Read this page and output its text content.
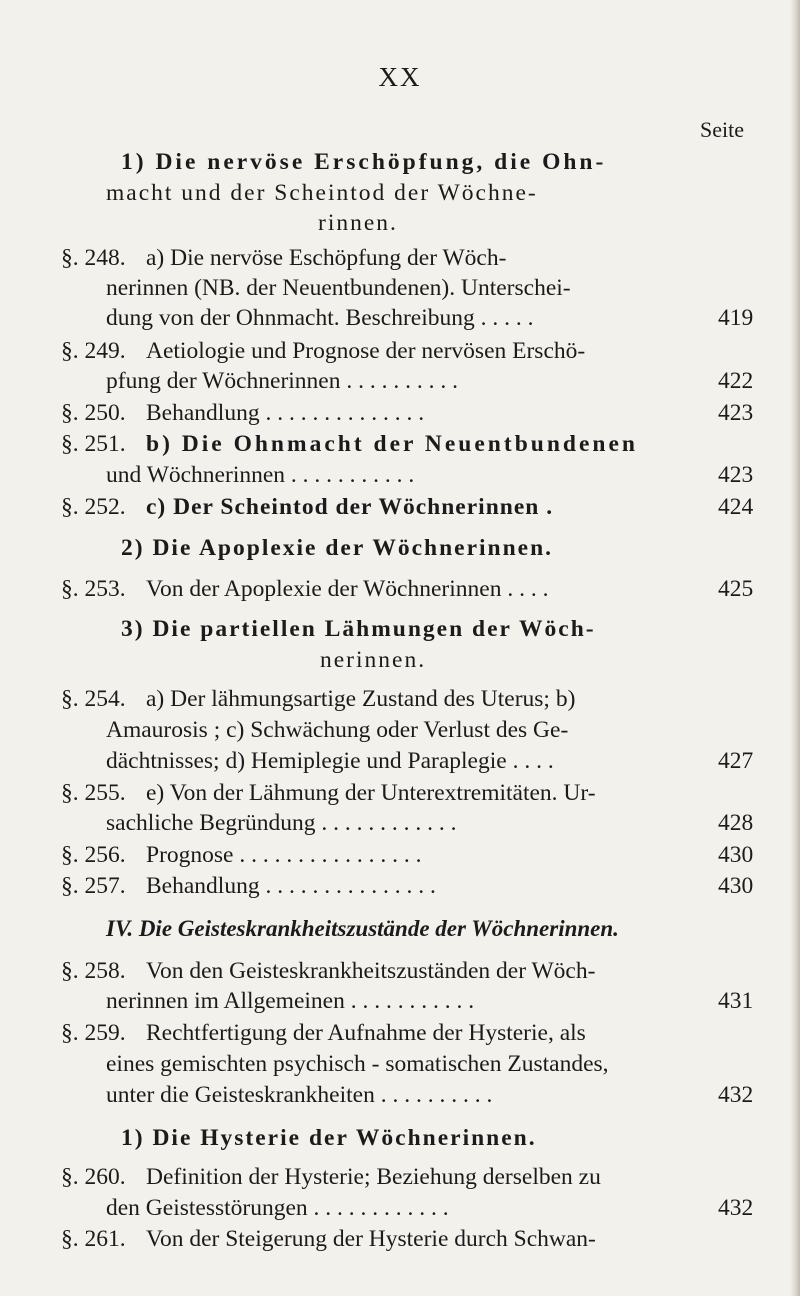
XX
Seite
1) Die nervöse Erschöpfung, die Ohn-
macht und der Scheintod der Wöchne-
rinnen.
§. 248. a) Die nervöse Eschöpfung der Wöch-
nerinnen (NB. der Neuentbundenen). Unterschei-
dung von der Ohnmacht. Beschreibung . . . . .	419
§. 249. Aetiologie und Prognose der nervösen Erschö-
pfung der Wöchnerinnen . . . . . . . . . .	422
§. 250. Behandlung . . . . . . . . . . . . . .	423
§. 251. b) Die Ohnmacht der Neuentbundenen
und Wöchnerinnen . . . . . . . . . . .	423
§. 252. c) Der Scheintod der Wöchnerinnen .	424
2) Die Apoplexie der Wöchnerinnen.
§. 253. Von der Apoplexie der Wöchnerinnen . . . .	425
3) Die partiellen Lähmungen der Wöch-
nerinnen.
§. 254. a) Der lähmungsartige Zustand des Uterus; b)
Amaurosis ; c) Schwächung oder Verlust des Ge-
dächtnisses; d) Hemiplegie und Paraplegie . . . .	427
§. 255. e) Von der Lähmung der Unterextremitäten. Ur-
sachliche Begründung . . . . . . . . . . . .	428
§. 256. Prognose . . . . . . . . . . . . . . . .	430
§. 257. Behandlung . . . . . . . . . . . . . . .	430
IV. Die Geisteskrankheitszustände der Wöchnerinnen.
§. 258. Von den Geisteskrankheitszuständen der Wöch-
nerinnen im Allgemeinen . . . . . . . . . . .	431
§. 259. Rechtfertigung der Aufnahme der Hysterie, als
eines gemischten psychisch - somatischen Zustandes,
unter die Geisteskrankheiten . . . . . . . . . .	432
1) Die Hysterie der Wöchnerinnen.
§. 260. Definition der Hysterie; Beziehung derselben zu
den Geistesstörungen . . . . . . . . . . . .	432
§. 261. Von der Steigerung der Hysterie durch Schwan-
